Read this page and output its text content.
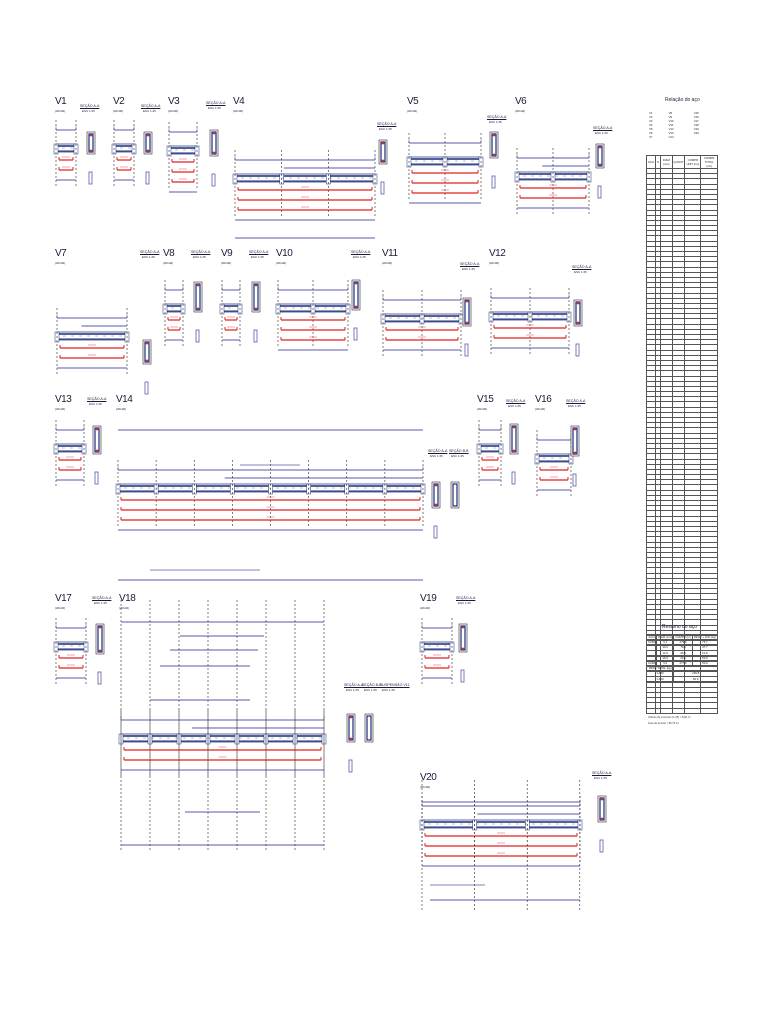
V1
(20x40)
SEÇÃO A-A
ESC 1:25
V2
(20x40)
SEÇÃO A-A
ESC 1:25
V3
(20x40)
SEÇÃO A-A
ESC 1:25
V4
(20x40)
SEÇÃO A-A
ESC 1:25
V5
(20x40)
SEÇÃO A-A
ESC 1:25
V6
(20x40)
SEÇÃO A-A
ESC 1:25
V7
(20x40)
SEÇÃO A-A
ESC 1:25 V8
(20x40)
SEÇÃO A-A
ESC 1:25 V9
(20x40)
SEÇÃO A-A
ESC 1:25 V10
(20x40)
SEÇÃO A-A
ESC 1:25 V11
(20x40)	SEÇÃO A-A
ESC 1:25
V12
(20x40)
SEÇÃO A-A
ESC 1:25
V13
(20x40)
SEÇÃO A-A
ESC 1:25 V14
(20x40)
SEÇÃO A-A
ESC 1:25
V15
(20x40)
SEÇÃO A-A
ESC 1:25
V16
(20x40)
SEÇÃO A-A
ESC 1:25
V17
(20x40)
SEÇÃO A-A
ESC 1:25 V18
(20x40)
SEÇÃO A-A
ESC 1:25
V19
(20x40)
SEÇÃO A-A
ESC 1:25
V20
(20x40)
SEÇÃO A-A
ESC 1:25
SEÇÃO B-B
ESC 1:25
SEÇÃO B-B
ESC 1:25
SUSPENSÃO V11
ESC 1:25
Relação do aço
V1	V8	V15
V2	V9	V16
V3	V10	V17
V4	V11	V18
V5	V12	V19
V6	V13	V20
V7	V14	
AÇO	N	DIAM (mm)	QUANT	COMPR UNIT (cm)	COMPR TOTAL (cm)

Resumo do aço
AÇO	DIAM (mm)	COMPR (m)	PESO + 10% (kg)
CA50	6.3	279.6	76.7
	10.0	79.6	47.7
	12.5	65.6	61.8
	16.0	29.1	50.6
CA60	5.0	277.6	50.9
PESO TOTAL (kg)			
CA50		236.8	
CA60		50.9	
Volume de concreto (C-25) = 8,00 m³
Área de formas = 95,79 m²
